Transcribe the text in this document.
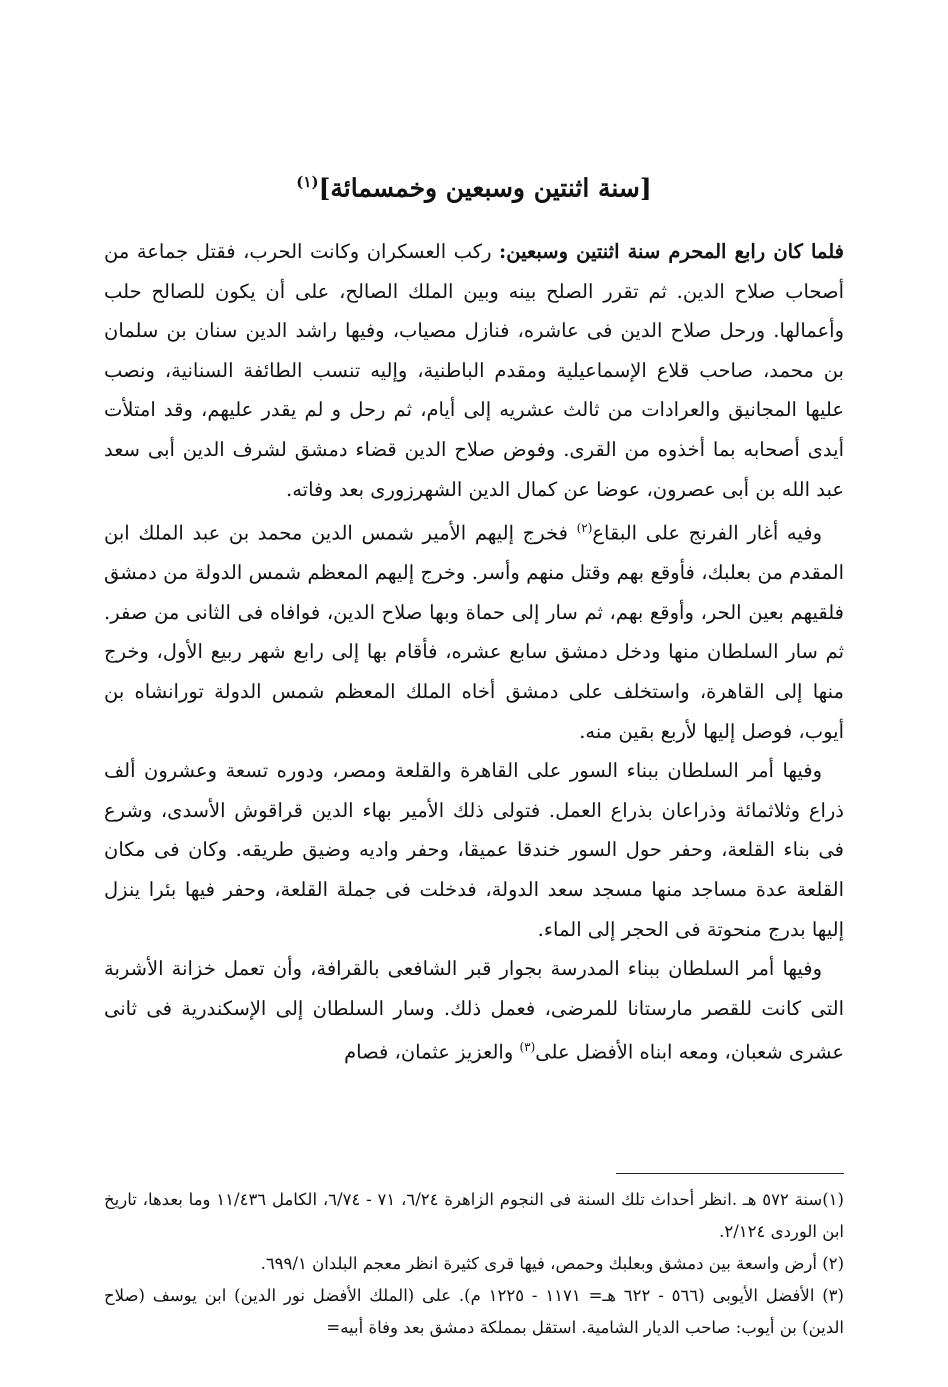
[سنة اثنتين وسبعين وخمسمائة]$^{(١)}$

فلما كان رابع المحرم سنة اثنتين وسبعين: ركب العسكران وكانت الحرب، فقتل جماعة من أصحاب صلاح الدين. ثم تقرر الصلح بينه وبين الملك الصالح، على أن يكون للصالح حلب وأعمالها. ورحل صلاح الدين فى عاشره، فنازل مصياب، وفيها راشد الدين سنان بن سلمان بن محمد، صاحب قلاع الإسماعيلية ومقدم الباطنية، وإليه تنسب الطائفة السنانية، ونصب عليها المجانيق والعرادات من ثالث عشريه إلى أيام، ثم رحل و لم يقدر عليهم، وقد امتلأت أيدى أصحابه بما أخذوه من القرى. وفوض صلاح الدين قضاء دمشق لشرف الدين أبى سعد عبد الله بن أبى عصرون، عوضا عن كمال الدين الشهرزورى بعد وفاته.

وفيه أغار الفرنج على البقاع$^{(٢)}$ فخرج إليهم الأمير شمس الدين محمد بن عبد الملك ابن المقدم من بعلبك، فأوقع بهم وقتل منهم وأسر. وخرج إليهم المعظم شمس الدولة من دمشق فلقيهم بعين الحر، وأوقع بهم، ثم سار إلى حماة وبها صلاح الدين، فوافاه فى الثانى من صفر. ثم سار السلطان منها ودخل دمشق سابع عشره، فأقام بها إلى رابع شهر ربيع الأول، وخرج منها إلى القاهرة، واستخلف على دمشق أخاه الملك المعظم شمس الدولة تورانشاه بن أيوب، فوصل إليها لأربع بقين منه.

وفيها أمر السلطان ببناء السور على القاهرة والقلعة ومصر، ودوره تسعة وعشرون ألف ذراع وثلاثمائة وذراعان بذراع العمل. فتولى ذلك الأمير بهاء الدين قراقوش الأسدى، وشرع فى بناء القلعة، وحفر حول السور خندقا عميقا، وحفر واديه وضيق طريقه. وكان فى مكان القلعة عدة مساجد منها مسجد سعد الدولة، فدخلت فى جملة القلعة، وحفر فيها بئرا ينزل إليها بدرج منحوتة فى الحجر إلى الماء.

وفيها أمر السلطان ببناء المدرسة بجوار قبر الشافعى بالقرافة، وأن تعمل خزانة الأشربة التى كانت للقصر مارستانا للمرضى، فعمل ذلك. وسار السلطان إلى الإسكندرية فى ثانى عشرى شعبان، ومعه ابناه الأفضل على$^{(٣)}$ والعزيز عثمان، فصام

(١)سنة ٥٧٢ هـ .انظر أحداث تلك السنة فى النجوم الزاهرة ٦/٢٤، ٧١ - ٦/٧٤، الكامل ١١/٤٣٦ وما بعدها، تاريخ ابن الوردى ٢/١٢٤.

(٢) أرض واسعة بين دمشق وبعلبك وحمص، فيها قرى كثيرة انظر معجم البلدان ٦٩٩/١.

(٣) الأفضل الأيوبى (٥٦٦ - ٦٢٢ هـ= ١١٧١ - ١٢٢٥ م). على (الملك الأفضل نور الدين) ابن يوسف (صلاح الدين) بن أيوب: صاحب الديار الشامية. استقل بمملكة دمشق بعد وفاة أبيه=
